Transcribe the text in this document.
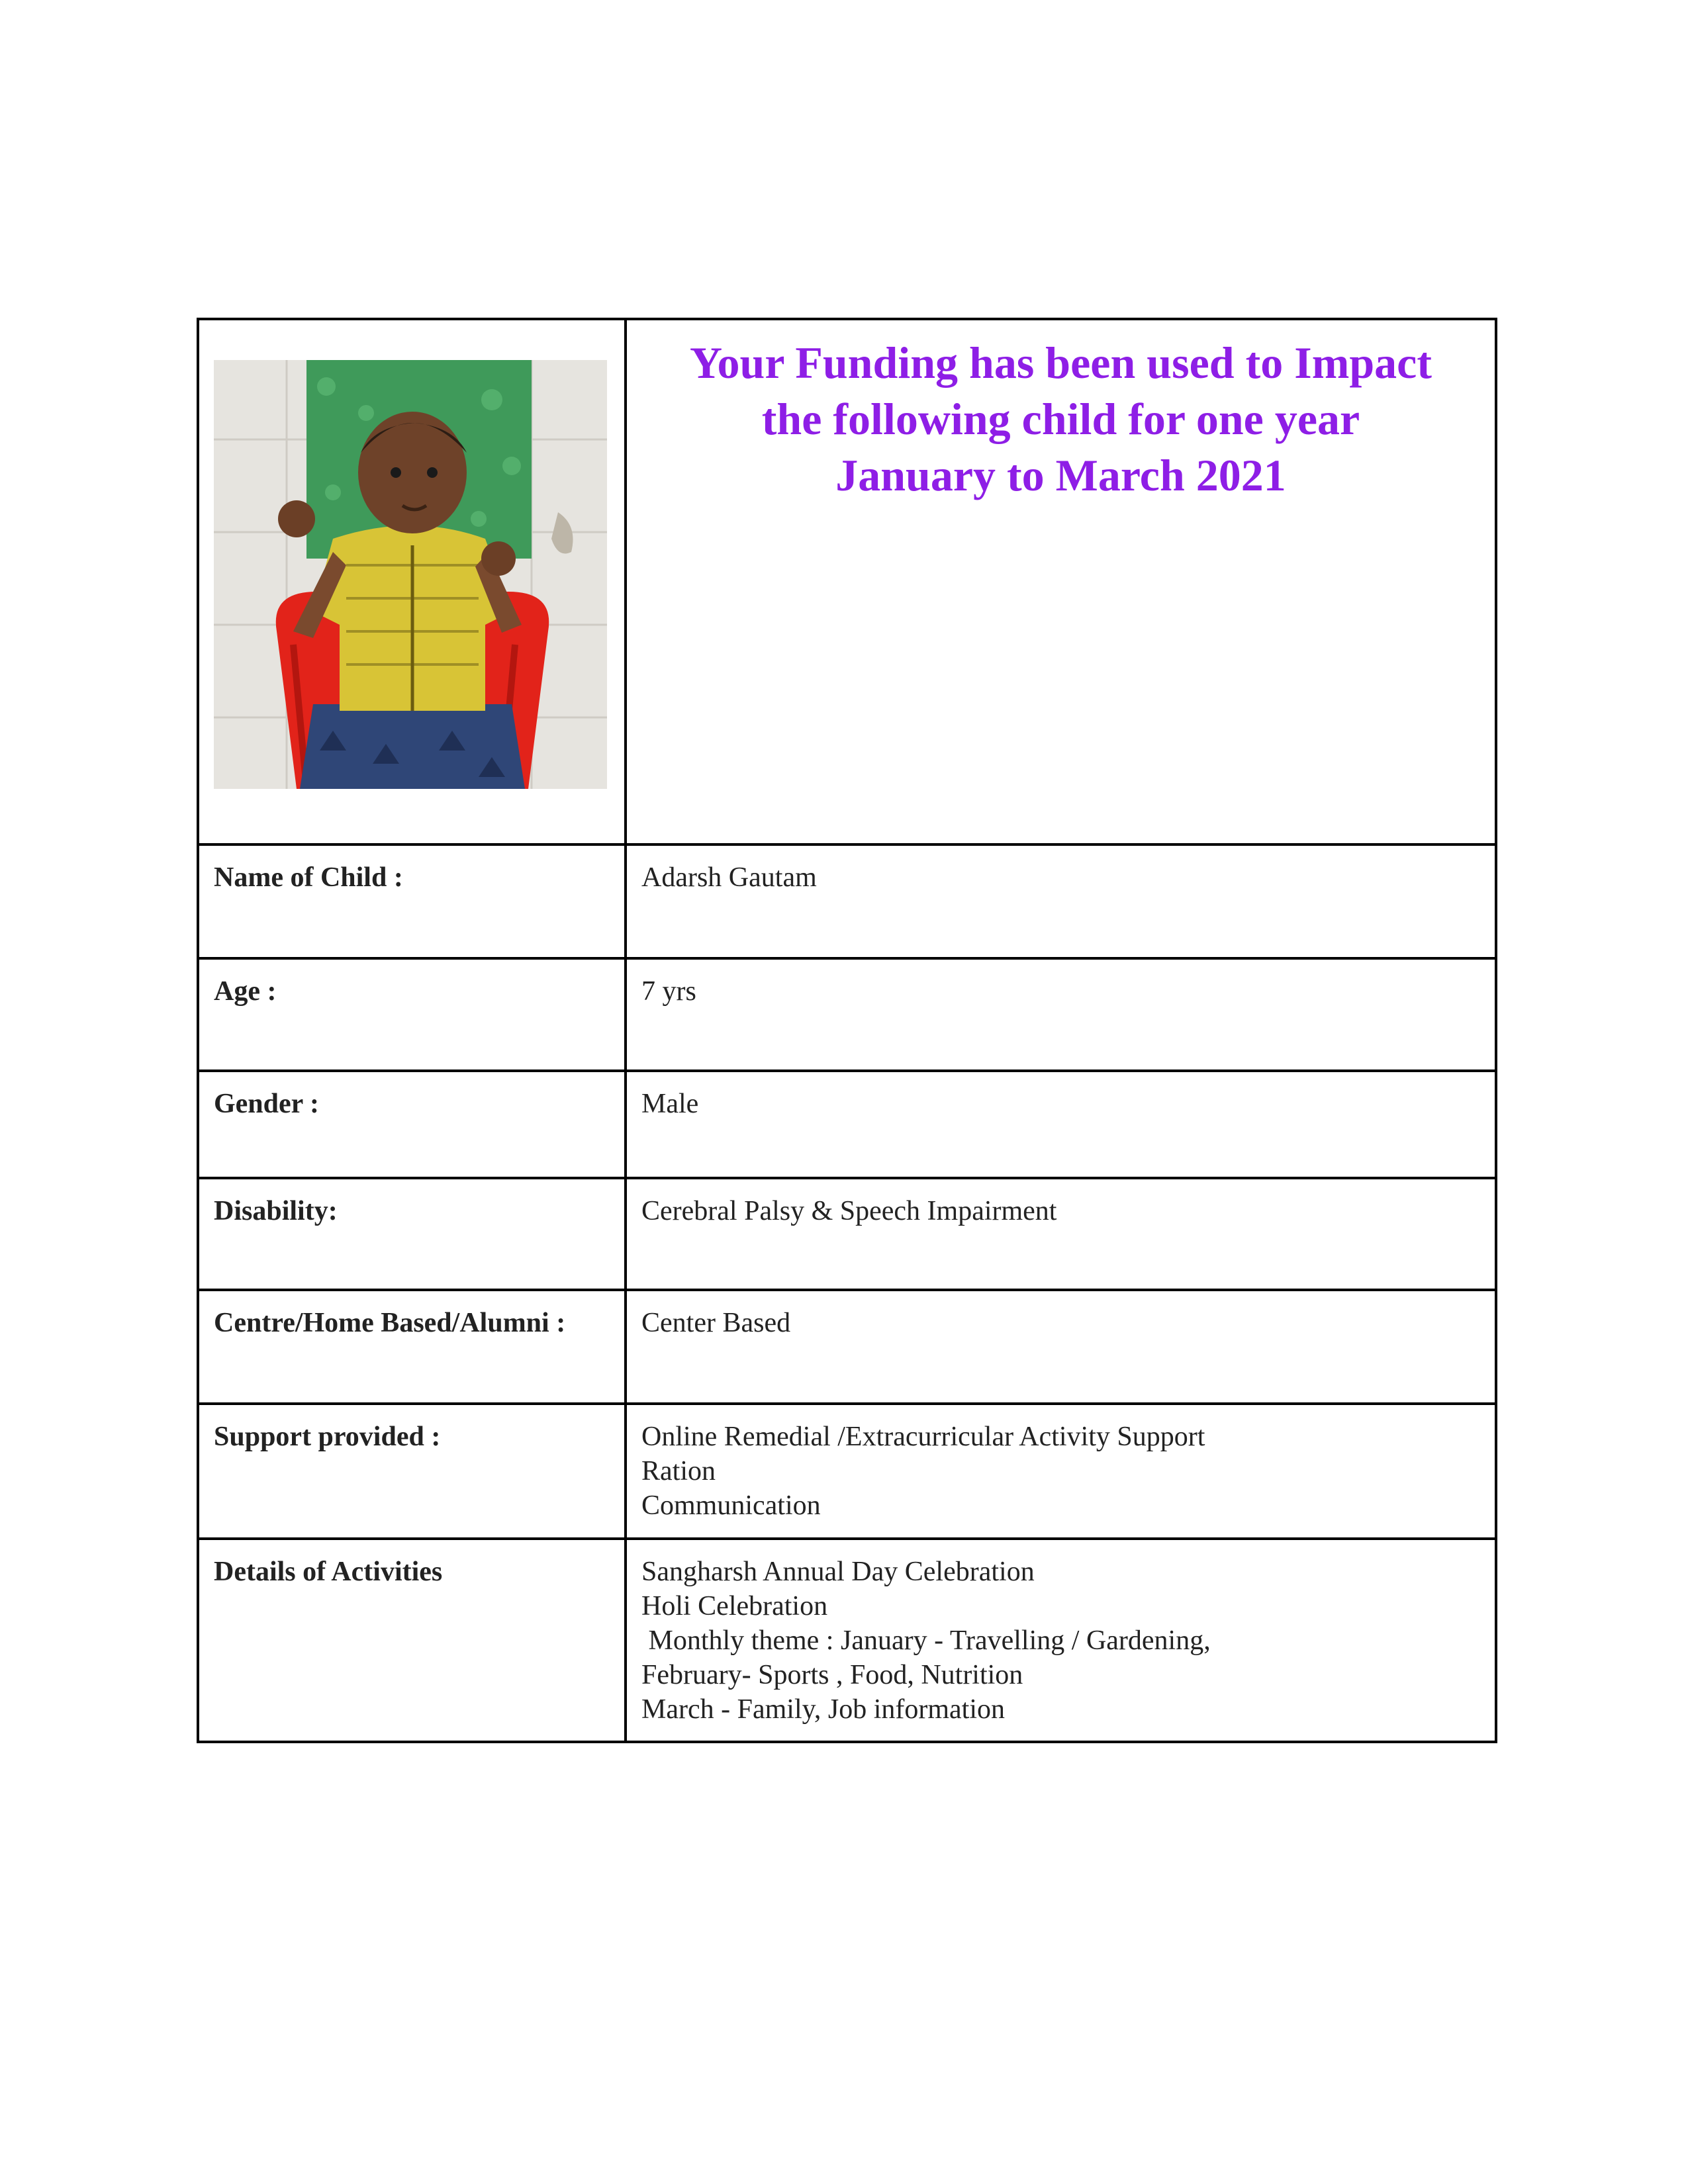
Your Funding has been used to Impact
the following child for one year
January to March 2021

Name of Child :	Adarsh Gautam
Age :	7 yrs
Gender :	Male
Disability:	Cerebral Palsy & Speech Impairment
Centre/Home Based/Alumni :	Center Based
Support provided :	Online Remedial /Extracurricular Activity Support
Ration
Communication

Details of Activities	Sangharsh Annual Day Celebration
Holi Celebration
Monthly theme : January - Travelling / Gardening,
February- Sports , Food, Nutrition
March - Family, Job information
